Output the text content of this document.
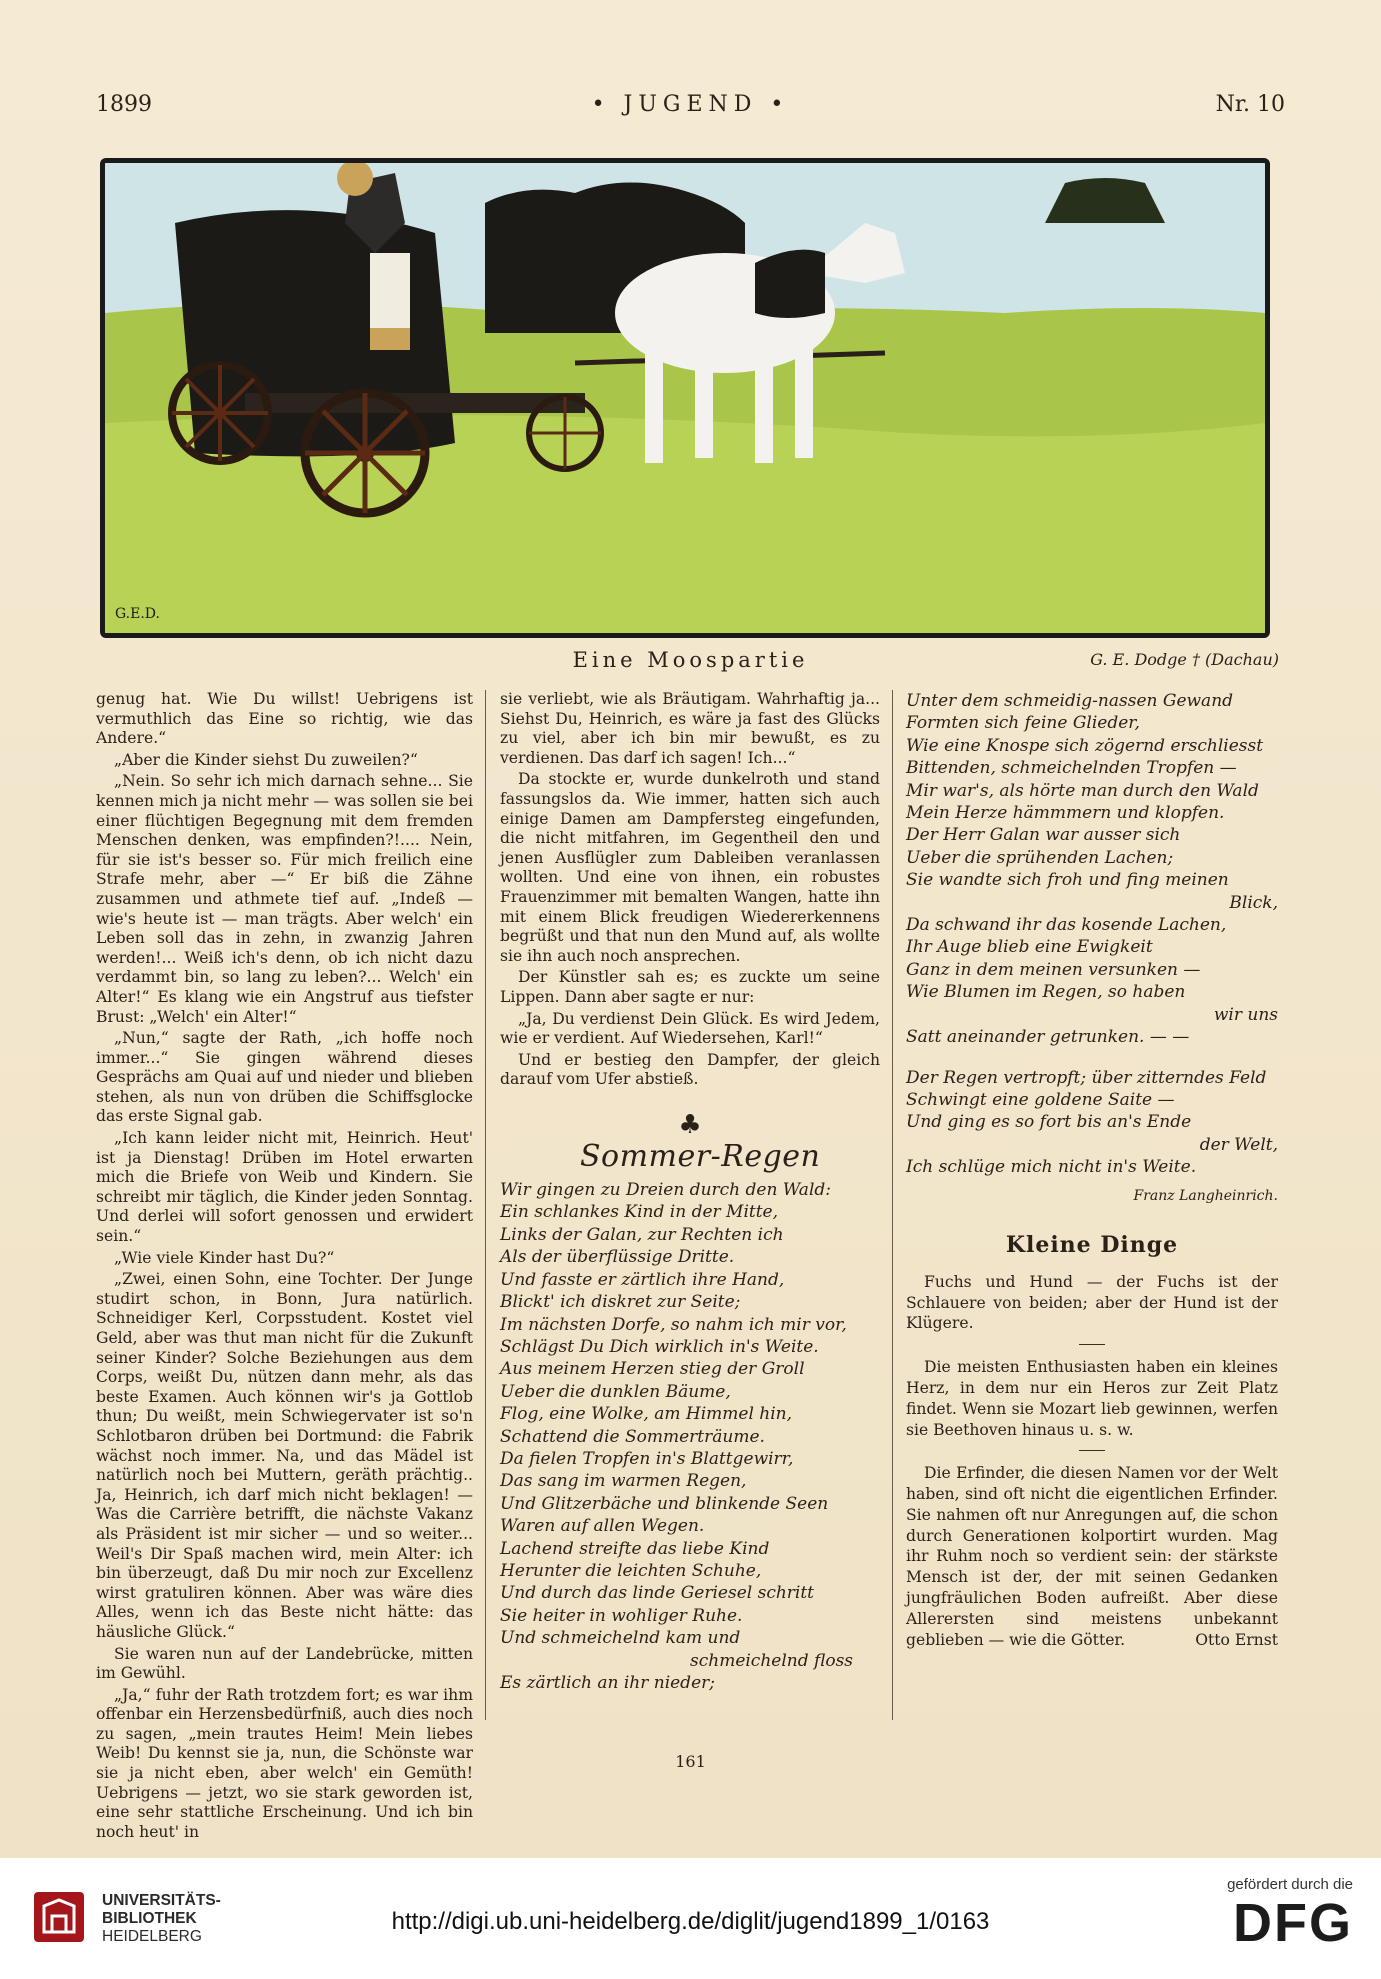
1899	• JUGEND •	Nr. 10
G.E.D.
Eine Moospartie	G. E. Dodge † (Dachau)

genug hat. Wie Du willst! Uebrigens ist vermuthlich das Eine so richtig, wie das Andere.“

„Aber die Kinder siehst Du zuweilen?“

„Nein. So sehr ich mich darnach sehne... Sie kennen mich ja nicht mehr — was sollen sie bei einer flüchtigen Begegnung mit dem fremden Menschen denken, was empfinden?!.... Nein, für sie ist's besser so. Für mich freilich eine Strafe mehr, aber —“ Er biß die Zähne zusammen und athmete tief auf. „Indeß — wie's heute ist — man trägts. Aber welch' ein Leben soll das in zehn, in zwanzig Jahren werden!... Weiß ich's denn, ob ich nicht dazu verdammt bin, so lang zu leben?... Welch' ein Alter!“ Es klang wie ein Angstruf aus tiefster Brust: „Welch' ein Alter!“

„Nun,“ sagte der Rath, „ich hoffe noch immer...“ Sie gingen während dieses Gesprächs am Quai auf und nieder und blieben stehen, als nun von drüben die Schiffsglocke das erste Signal gab.

„Ich kann leider nicht mit, Heinrich. Heut' ist ja Dienstag! Drüben im Hotel erwarten mich die Briefe von Weib und Kindern. Sie schreibt mir täglich, die Kinder jeden Sonntag. Und derlei will sofort genossen und erwidert sein.“

„Wie viele Kinder hast Du?“

„Zwei, einen Sohn, eine Tochter. Der Junge studirt schon, in Bonn, Jura natürlich. Schneidiger Kerl, Corpsstudent. Kostet viel Geld, aber was thut man nicht für die Zukunft seiner Kinder? Solche Beziehungen aus dem Corps, weißt Du, nützen dann mehr, als das beste Examen. Auch können wir's ja Gottlob thun; Du weißt, mein Schwiegervater ist so'n Schlotbaron drüben bei Dortmund: die Fabrik wächst noch immer. Na, und das Mädel ist natürlich noch bei Muttern, geräth prächtig.. Ja, Heinrich, ich darf mich nicht beklagen! — Was die Carrière betrifft, die nächste Vakanz als Präsident ist mir sicher — und so weiter... Weil's Dir Spaß machen wird, mein Alter: ich bin überzeugt, daß Du mir noch zur Excellenz wirst gratuliren können. Aber was wäre dies Alles, wenn ich das Beste nicht hätte: das häusliche Glück.“

Sie waren nun auf der Landebrücke, mitten im Gewühl.

„Ja,“ fuhr der Rath trotzdem fort; es war ihm offenbar ein Herzensbedürfniß, auch dies noch zu sagen, „mein trautes Heim! Mein liebes Weib! Du kennst sie ja, nun, die Schönste war sie ja nicht eben, aber welch' ein Gemüth! Uebrigens — jetzt, wo sie stark geworden ist, eine sehr stattliche Erscheinung. Und ich bin noch heut' in

sie verliebt, wie als Bräutigam. Wahrhaftig ja... Siehst Du, Heinrich, es wäre ja fast des Glücks zu viel, aber ich bin mir bewußt, es zu verdienen. Das darf ich sagen! Ich...“

Da stockte er, wurde dunkelroth und stand fassungslos da. Wie immer, hatten sich auch einige Damen am Dampfersteg eingefunden, die nicht mitfahren, im Gegentheil den und jenen Ausflügler zum Dableiben veranlassen wollten. Und eine von ihnen, ein robustes Frauenzimmer mit bemalten Wangen, hatte ihn mit einem Blick freudigen Wiedererkennens begrüßt und that nun den Mund auf, als wollte sie ihn auch noch ansprechen.

Der Künstler sah es; es zuckte um seine Lippen. Dann aber sagte er nur:

„Ja, Du verdienst Dein Glück. Es wird Jedem, wie er verdient. Auf Wiedersehen, Karl!“

Und er bestieg den Dampfer, der gleich darauf vom Ufer abstieß.

♣
Sommer-Regen
Wir gingen zu Dreien durch den Wald:
Ein schlankes Kind in der Mitte,
Links der Galan, zur Rechten ich
Als der überflüssige Dritte.
Und fasste er zärtlich ihre Hand,
Blickt' ich diskret zur Seite;
Im nächsten Dorfe, so nahm ich mir vor,
Schlägst Du Dich wirklich in's Weite.
Aus meinem Herzen stieg der Groll
Ueber die dunklen Bäume,
Flog, eine Wolke, am Himmel hin,
Schattend die Sommerträume.
Da fielen Tropfen in's Blattgewirr,
Das sang im warmen Regen,
Und Glitzerbäche und blinkende Seen
Waren auf allen Wegen.
Lachend streifte das liebe Kind
Herunter die leichten Schuhe,
Und durch das linde Geriesel schritt
Sie heiter in wohliger Ruhe.
Und schmeichelnd kam und
schmeichelnd floss
Es zärtlich an ihr nieder;
Unter dem schmeidig-nassen Gewand
Formten sich feine Glieder,
Wie eine Knospe sich zögernd erschliesst
Bittenden, schmeichelnden Tropfen —
Mir war's, als hörte man durch den Wald
Mein Herze hämmmern und klopfen.
Der Herr Galan war ausser sich
Ueber die sprühenden Lachen;
Sie wandte sich froh und fing meinen
Blick,
Da schwand ihr das kosende Lachen,
Ihr Auge blieb eine Ewigkeit
Ganz in dem meinen versunken —
Wie Blumen im Regen, so haben
wir uns
Satt aneinander getrunken. — —
Der Regen vertropft; über zitterndes Feld
Schwingt eine goldene Saite —
Und ging es so fort bis an's Ende
der Welt,
Ich schlüge mich nicht in's Weite.
Franz Langheinrich.
Kleine Dinge

Fuchs und Hund — der Fuchs ist der Schlauere von beiden; aber der Hund ist der Klügere.

Die meisten Enthusiasten haben ein kleines Herz, in dem nur ein Heros zur Zeit Platz findet. Wenn sie Mozart lieb gewinnen, werfen sie Beethoven hinaus u. s. w.

Die Erfinder, die diesen Namen vor der Welt haben, sind oft nicht die eigentlichen Erfinder. Sie nahmen oft nur Anregungen auf, die schon durch Generationen kolportirt wurden. Mag ihr Ruhm noch so verdient sein: der stärkste Mensch ist der, der mit seinen Gedanken jungfräulichen Boden aufreißt. Aber diese Allerersten sind meistens unbekannt geblieben — wie die Götter.	Otto Ernst

161
UNIVERSITÄTS-
BIBLIOTHEK
HEIDELBERG
http://digi.ub.uni-heidelberg.de/diglit/jugend1899_1/0163
gefördert durch die
DFG
